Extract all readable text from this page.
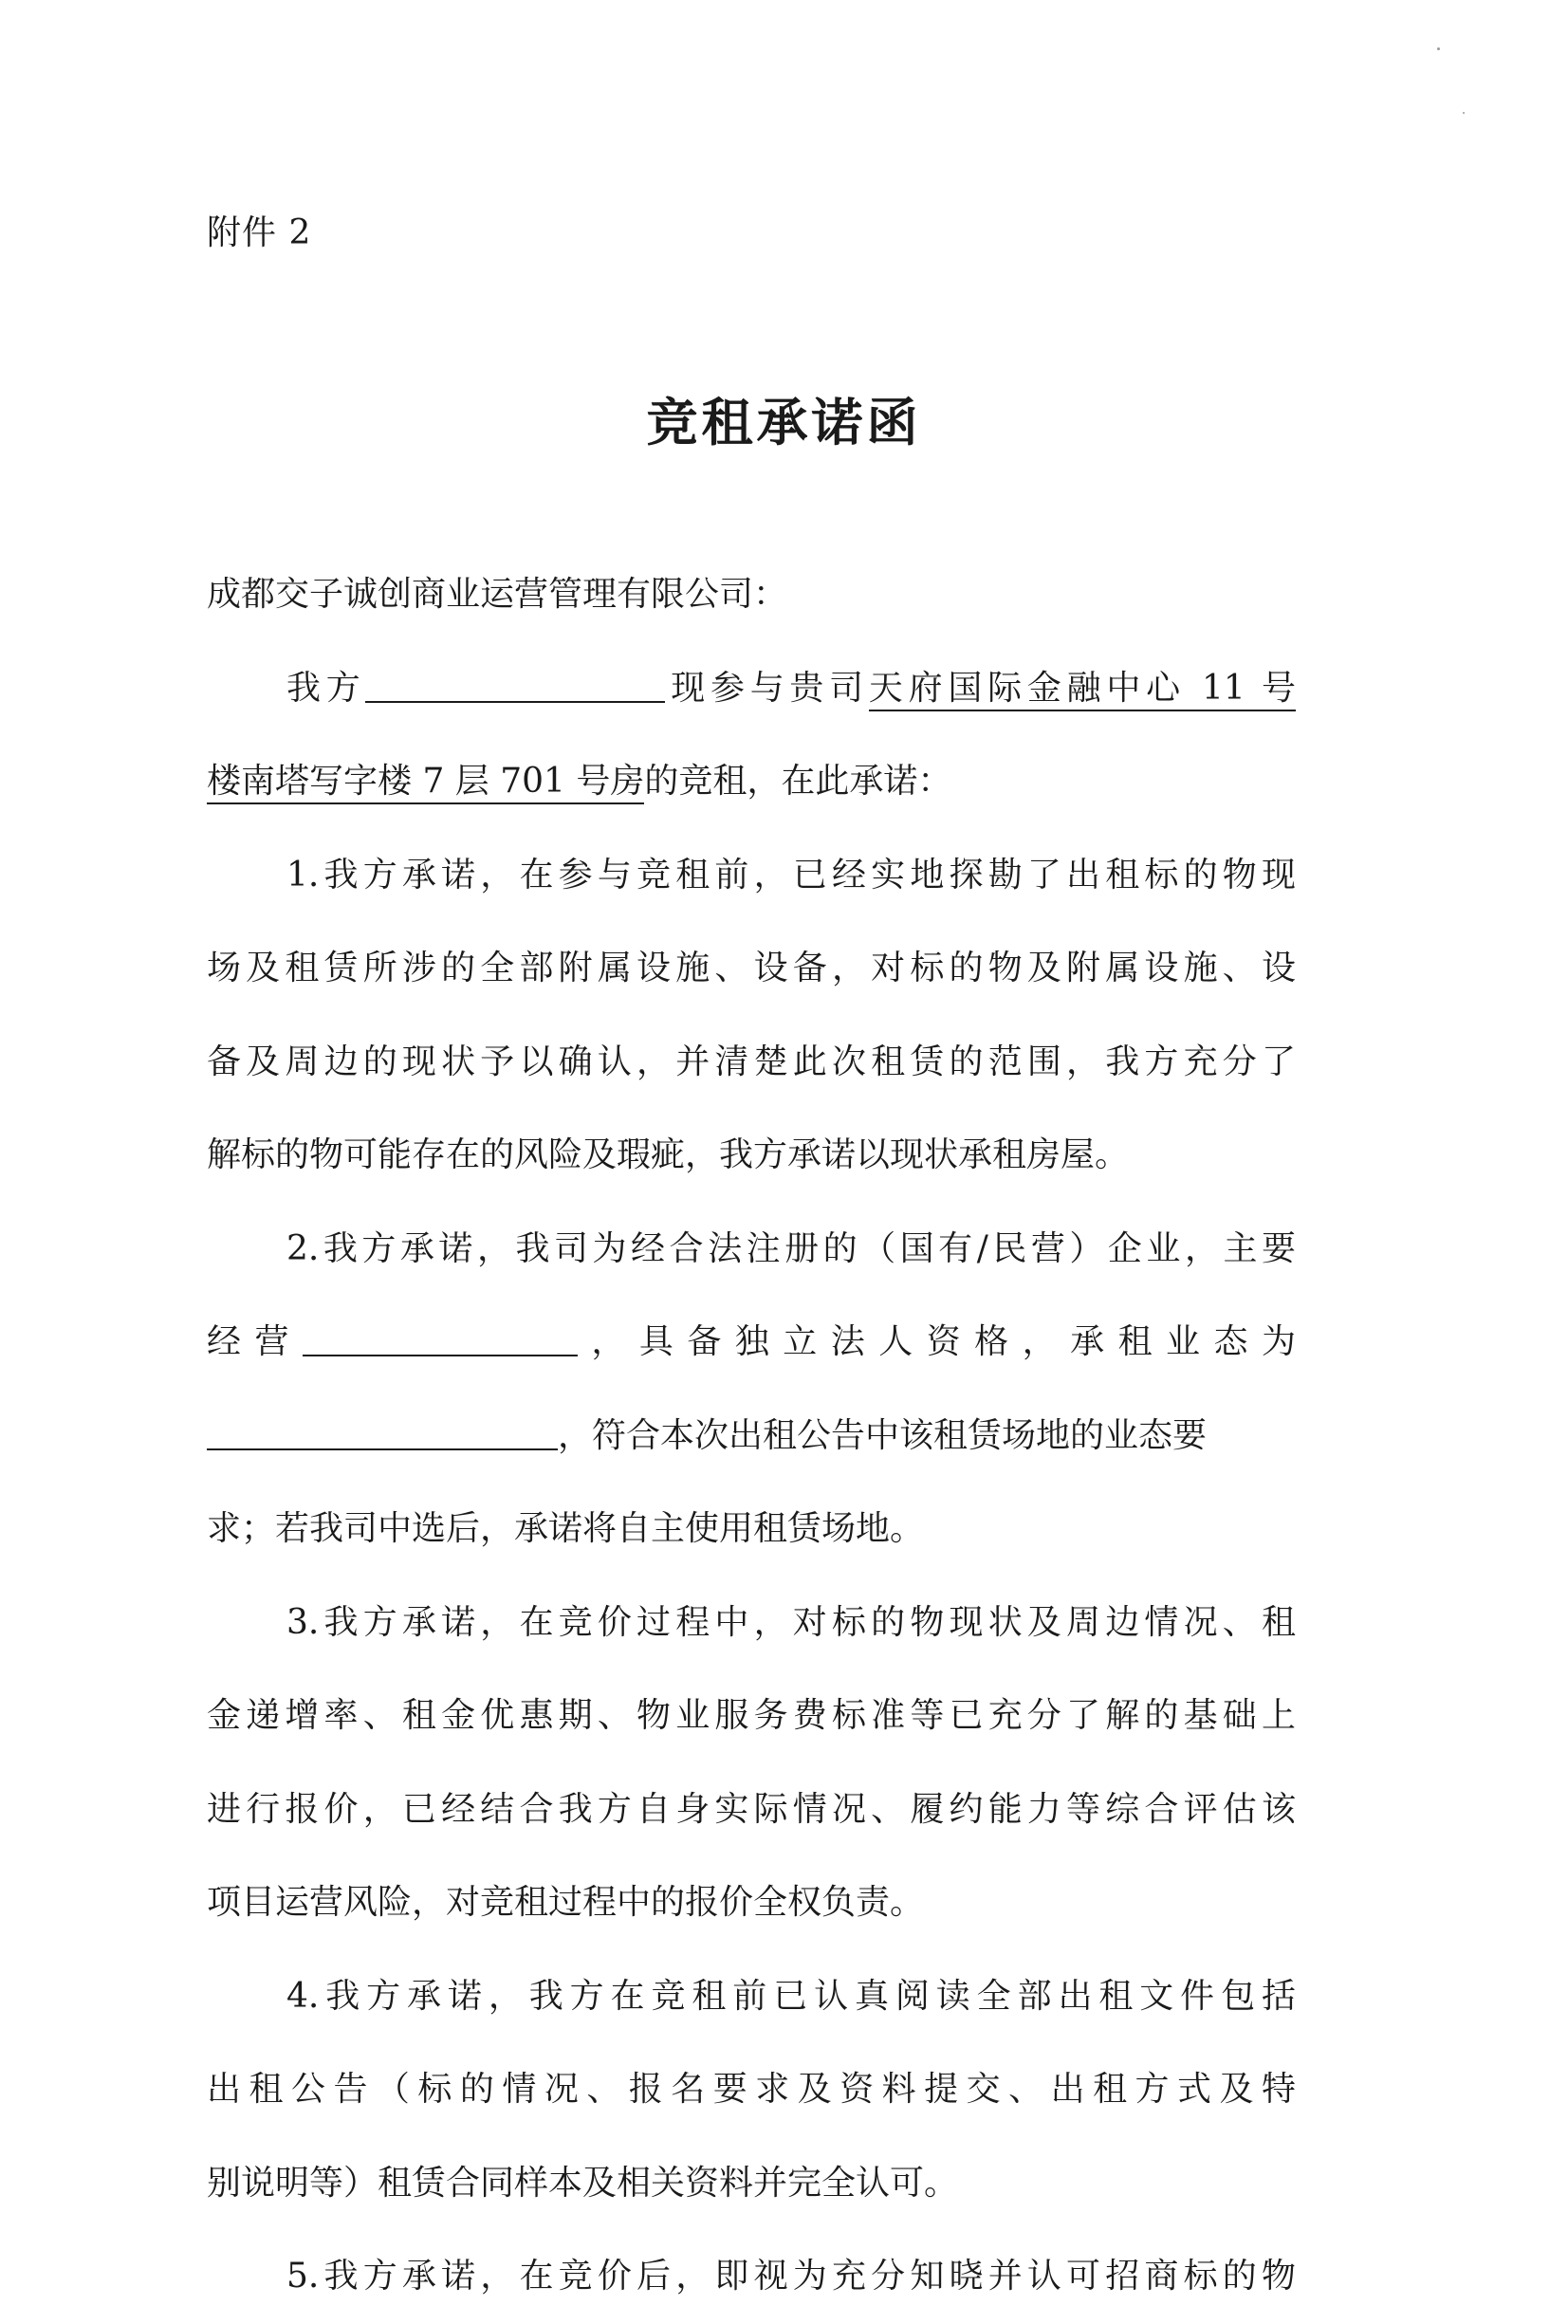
附件 2
竞租承诺函
成都交子诚创商业运营管理有限公司：
我方	现参与贵司天府国际金融中心 11 号
楼南塔写字楼 7 层 701 号房的竞租，在此承诺：
1.我方承诺，在参与竞租前，已经实地探勘了出租标的物现
场及租赁所涉的全部附属设施、设备，对标的物及附属设施、设
备及周边的现状予以确认，并清楚此次租赁的范围，我方充分了
解标的物可能存在的风险及瑕疵，我方承诺以现状承租房屋。
2.我方承诺，我司为经合法注册的（国有/民营）企业，主要
经营	，具备独立法人资格，承租业态为
，符合本次出租公告中该租赁场地的业态要
求；若我司中选后，承诺将自主使用租赁场地。
3.我方承诺，在竞价过程中，对标的物现状及周边情况、租
金递增率、租金优惠期、物业服务费标准等已充分了解的基础上
进行报价，已经结合我方自身实际情况、履约能力等综合评估该
项目运营风险，对竞租过程中的报价全权负责。
4.我方承诺，我方在竞租前已认真阅读全部出租文件包括
出租公告（标的情况、报名要求及资料提交、出租方式及特
别说明等）租赁合同样本及相关资料并完全认可。
5.我方承诺，在竞价后，即视为充分知晓并认可招商标的物
